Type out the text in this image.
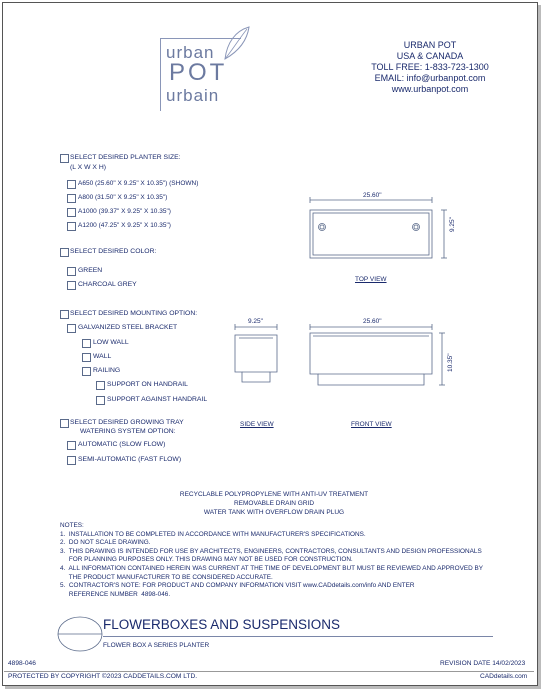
urban
POT
urbain
URBAN POT
USA & CANADA
TOLL FREE: 1-833-723-1300
EMAIL: info@urbanpot.com
www.urbanpot.com
SELECT DESIRED PLANTER SIZE:
(L X W X H)
A650 (25.60" X 9.25" X 10.35") (SHOWN)
A800 (31.50" X 9.25" X 10.35")
A1000 (39.37" X 9.25" X 10.35")
A1200 (47.25" X 9.25" X 10.35")
SELECT DESIRED COLOR:
GREEN
CHARCOAL GREY
SELECT DESIRED MOUNTING OPTION:
GALVANIZED STEEL BRACKET
LOW WALL
WALL
RAILING
SUPPORT ON HANDRAIL
SUPPORT AGAINST HANDRAIL
SELECT DESIRED GROWING TRAY
WATERING SYSTEM OPTION:
AUTOMATIC (SLOW FLOW)
SEMI-AUTOMATIC (FAST FLOW)
25.60"
9.25"
TOP VIEW
9.25"
SIDE VIEW
25.60"
10.35"
FRONT VIEW
RECYCLABLE POLYPROPYLENE WITH ANTI-UV TREATMENT
REMOVABLE DRAIN GRID
WATER TANK WITH OVERFLOW DRAIN PLUG
NOTES:
1.  INSTALLATION TO BE COMPLETED IN ACCORDANCE WITH MANUFACTURER'S SPECIFICATIONS.
2.  DO NOT SCALE DRAWING.
3.  THIS DRAWING IS INTENDED FOR USE BY ARCHITECTS, ENGINEERS, CONTRACTORS, CONSULTANTS AND DESIGN PROFESSIONALS
FOR PLANNING PURPOSES ONLY. THIS DRAWING MAY NOT BE USED FOR CONSTRUCTION.
4.  ALL INFORMATION CONTAINED HEREIN WAS CURRENT AT THE TIME OF DEVELOPMENT BUT MUST BE REVIEWED AND APPROVED BY
THE PRODUCT MANUFACTURER TO BE CONSIDERED ACCURATE.
5.  CONTRACTOR'S NOTE: FOR PRODUCT AND COMPANY INFORMATION VISIT www.CADdetails.com/info AND ENTER
REFERENCE NUMBER  4898-046.
FLOWERBOXES AND SUSPENSIONS
FLOWER BOX A SERIES PLANTER
4898-046	REVISION DATE 14/02/2023
PROTECTED BY COPYRIGHT ©2023 CADDETAILS.COM LTD.	CADdetails.com
